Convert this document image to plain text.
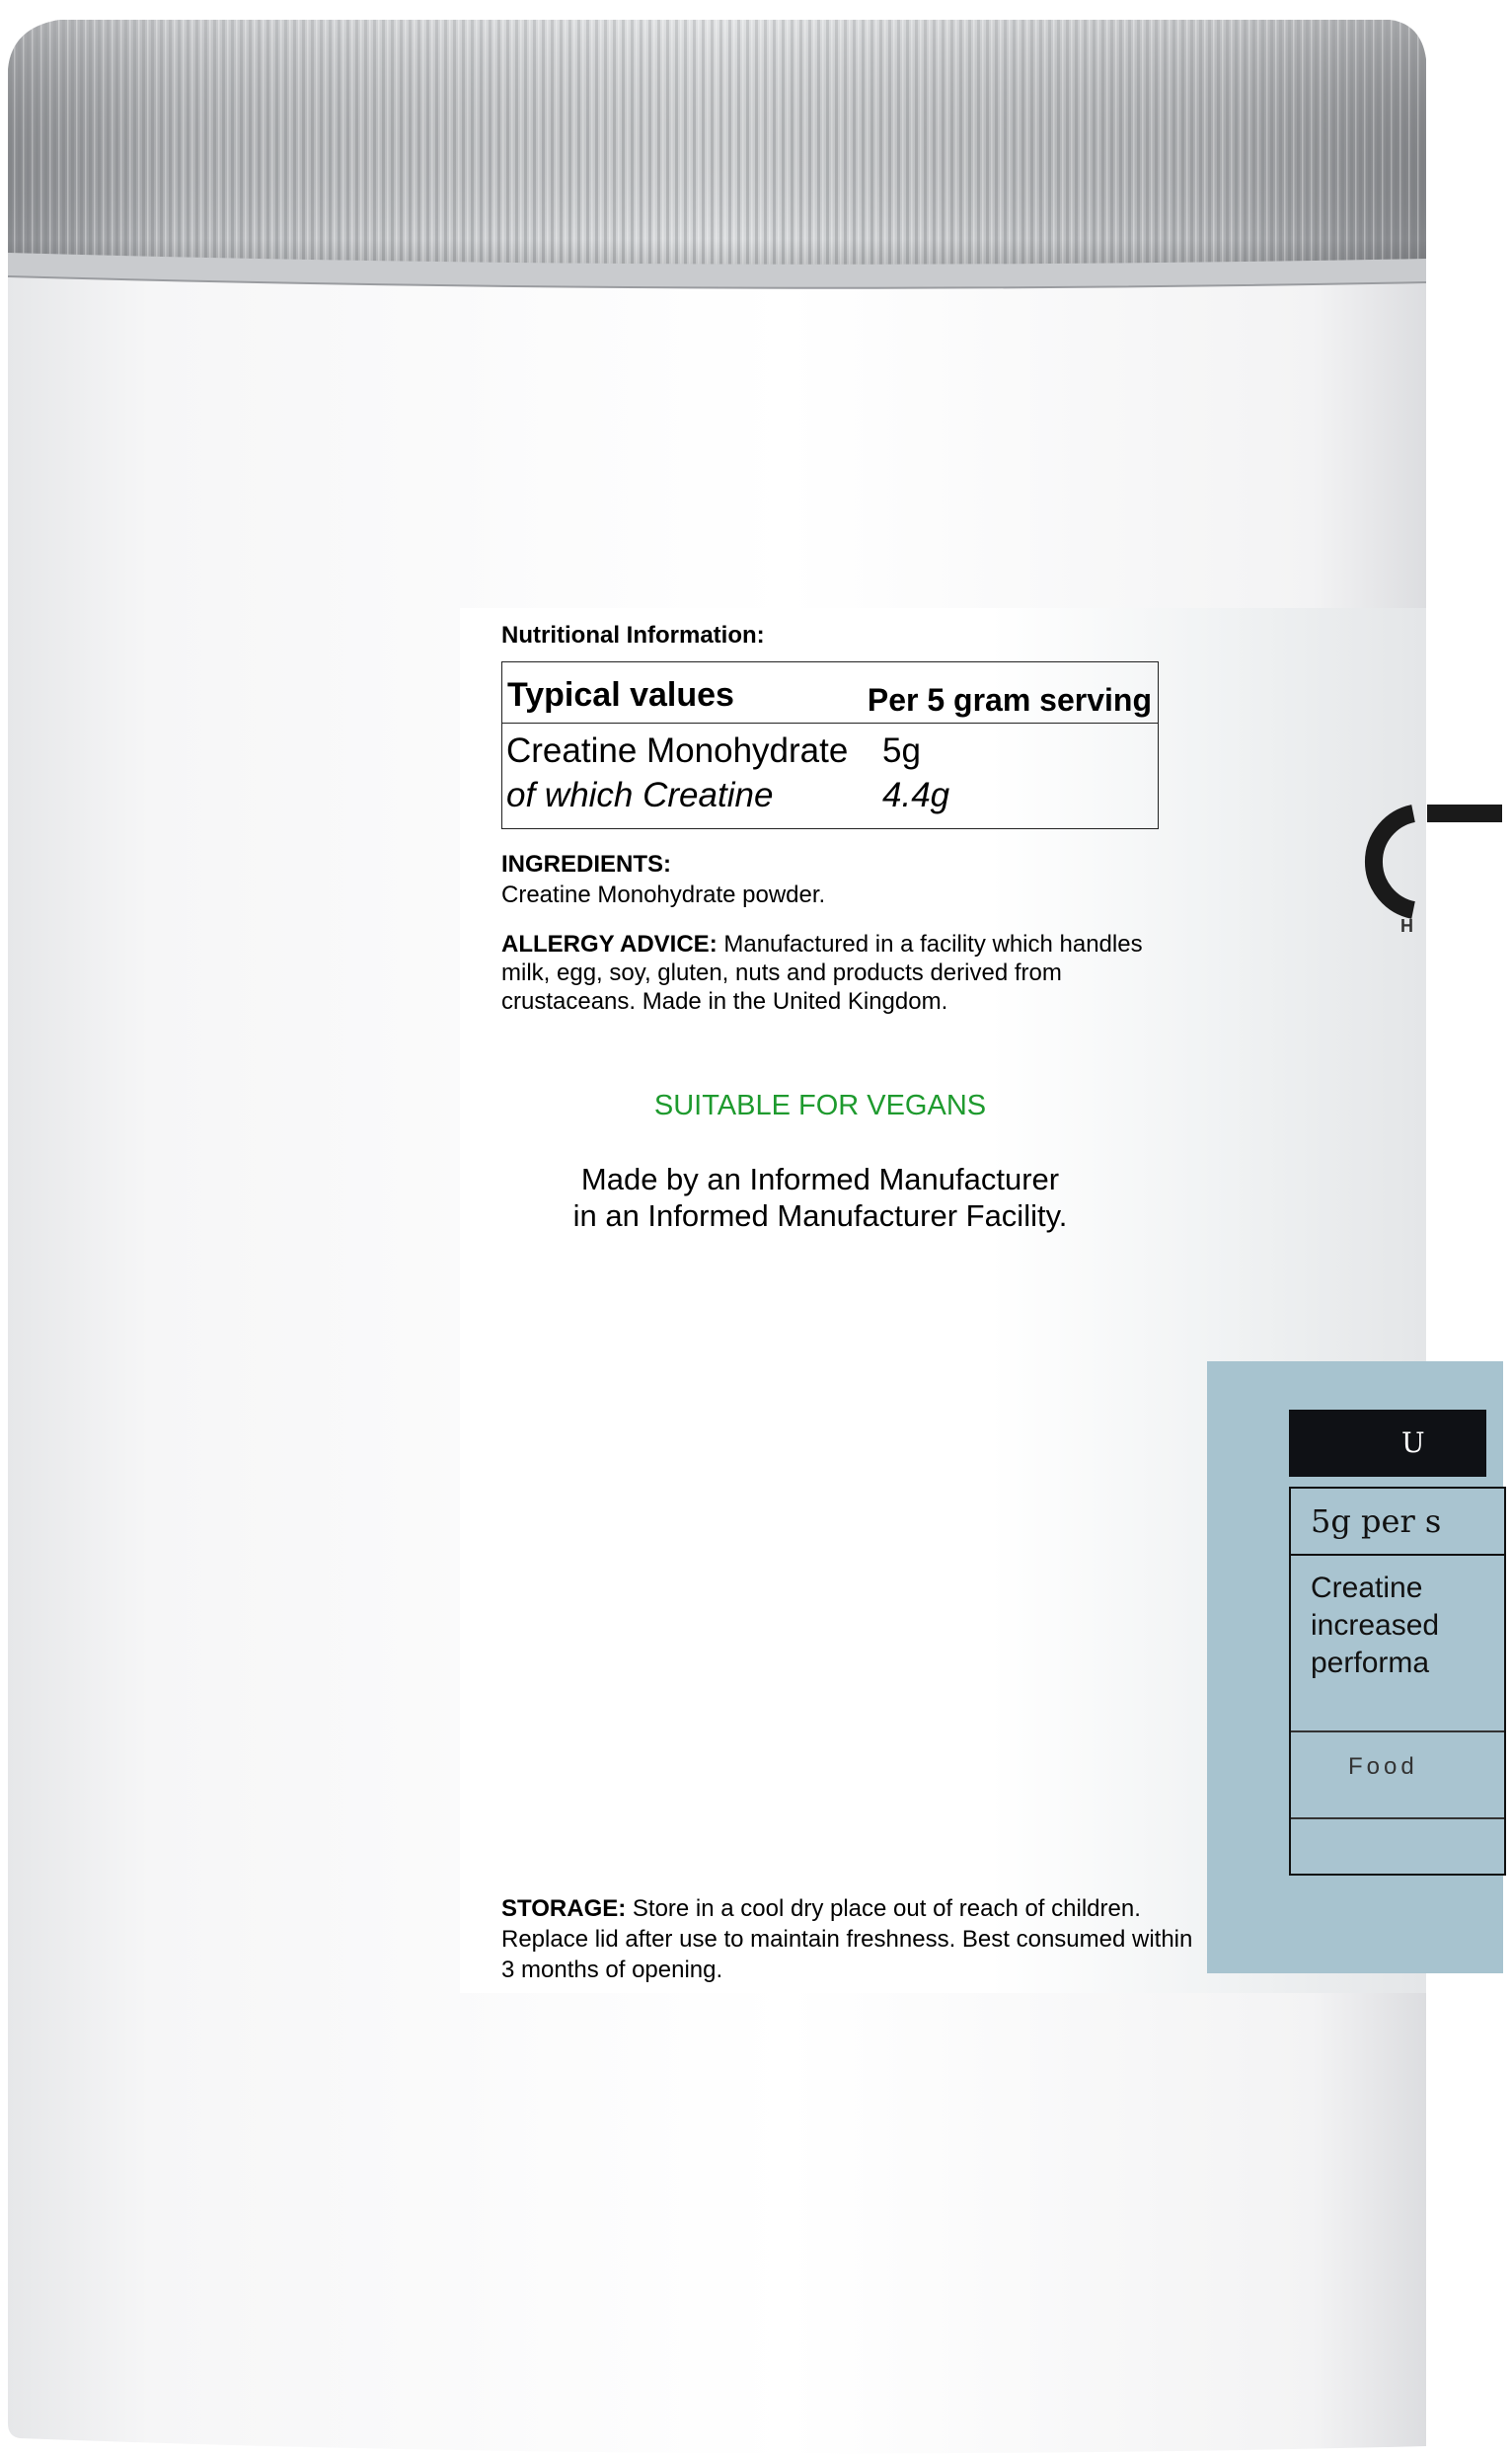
Nutritional Information:
Typical values	Per 5 gram serving
Creatine Monohydrate 5g
of which Creatine	4.4g
INGREDIENTS:
Creatine Monohydrate powder.
ALLERGY ADVICE: Manufactured in a facility which handles milk, egg, soy, gluten, nuts and products derived from crustaceans. Made in the United Kingdom.
SUITABLE FOR VEGANS
Made by an Informed Manufacturer
in an Informed Manufacturer Facility.
STORAGE: Store in a cool dry place out of reach of children. Replace lid after use to maintain freshness. Best consumed within 3 months of opening.
H
U
5g per s
Creatine
increased
performa
Food
